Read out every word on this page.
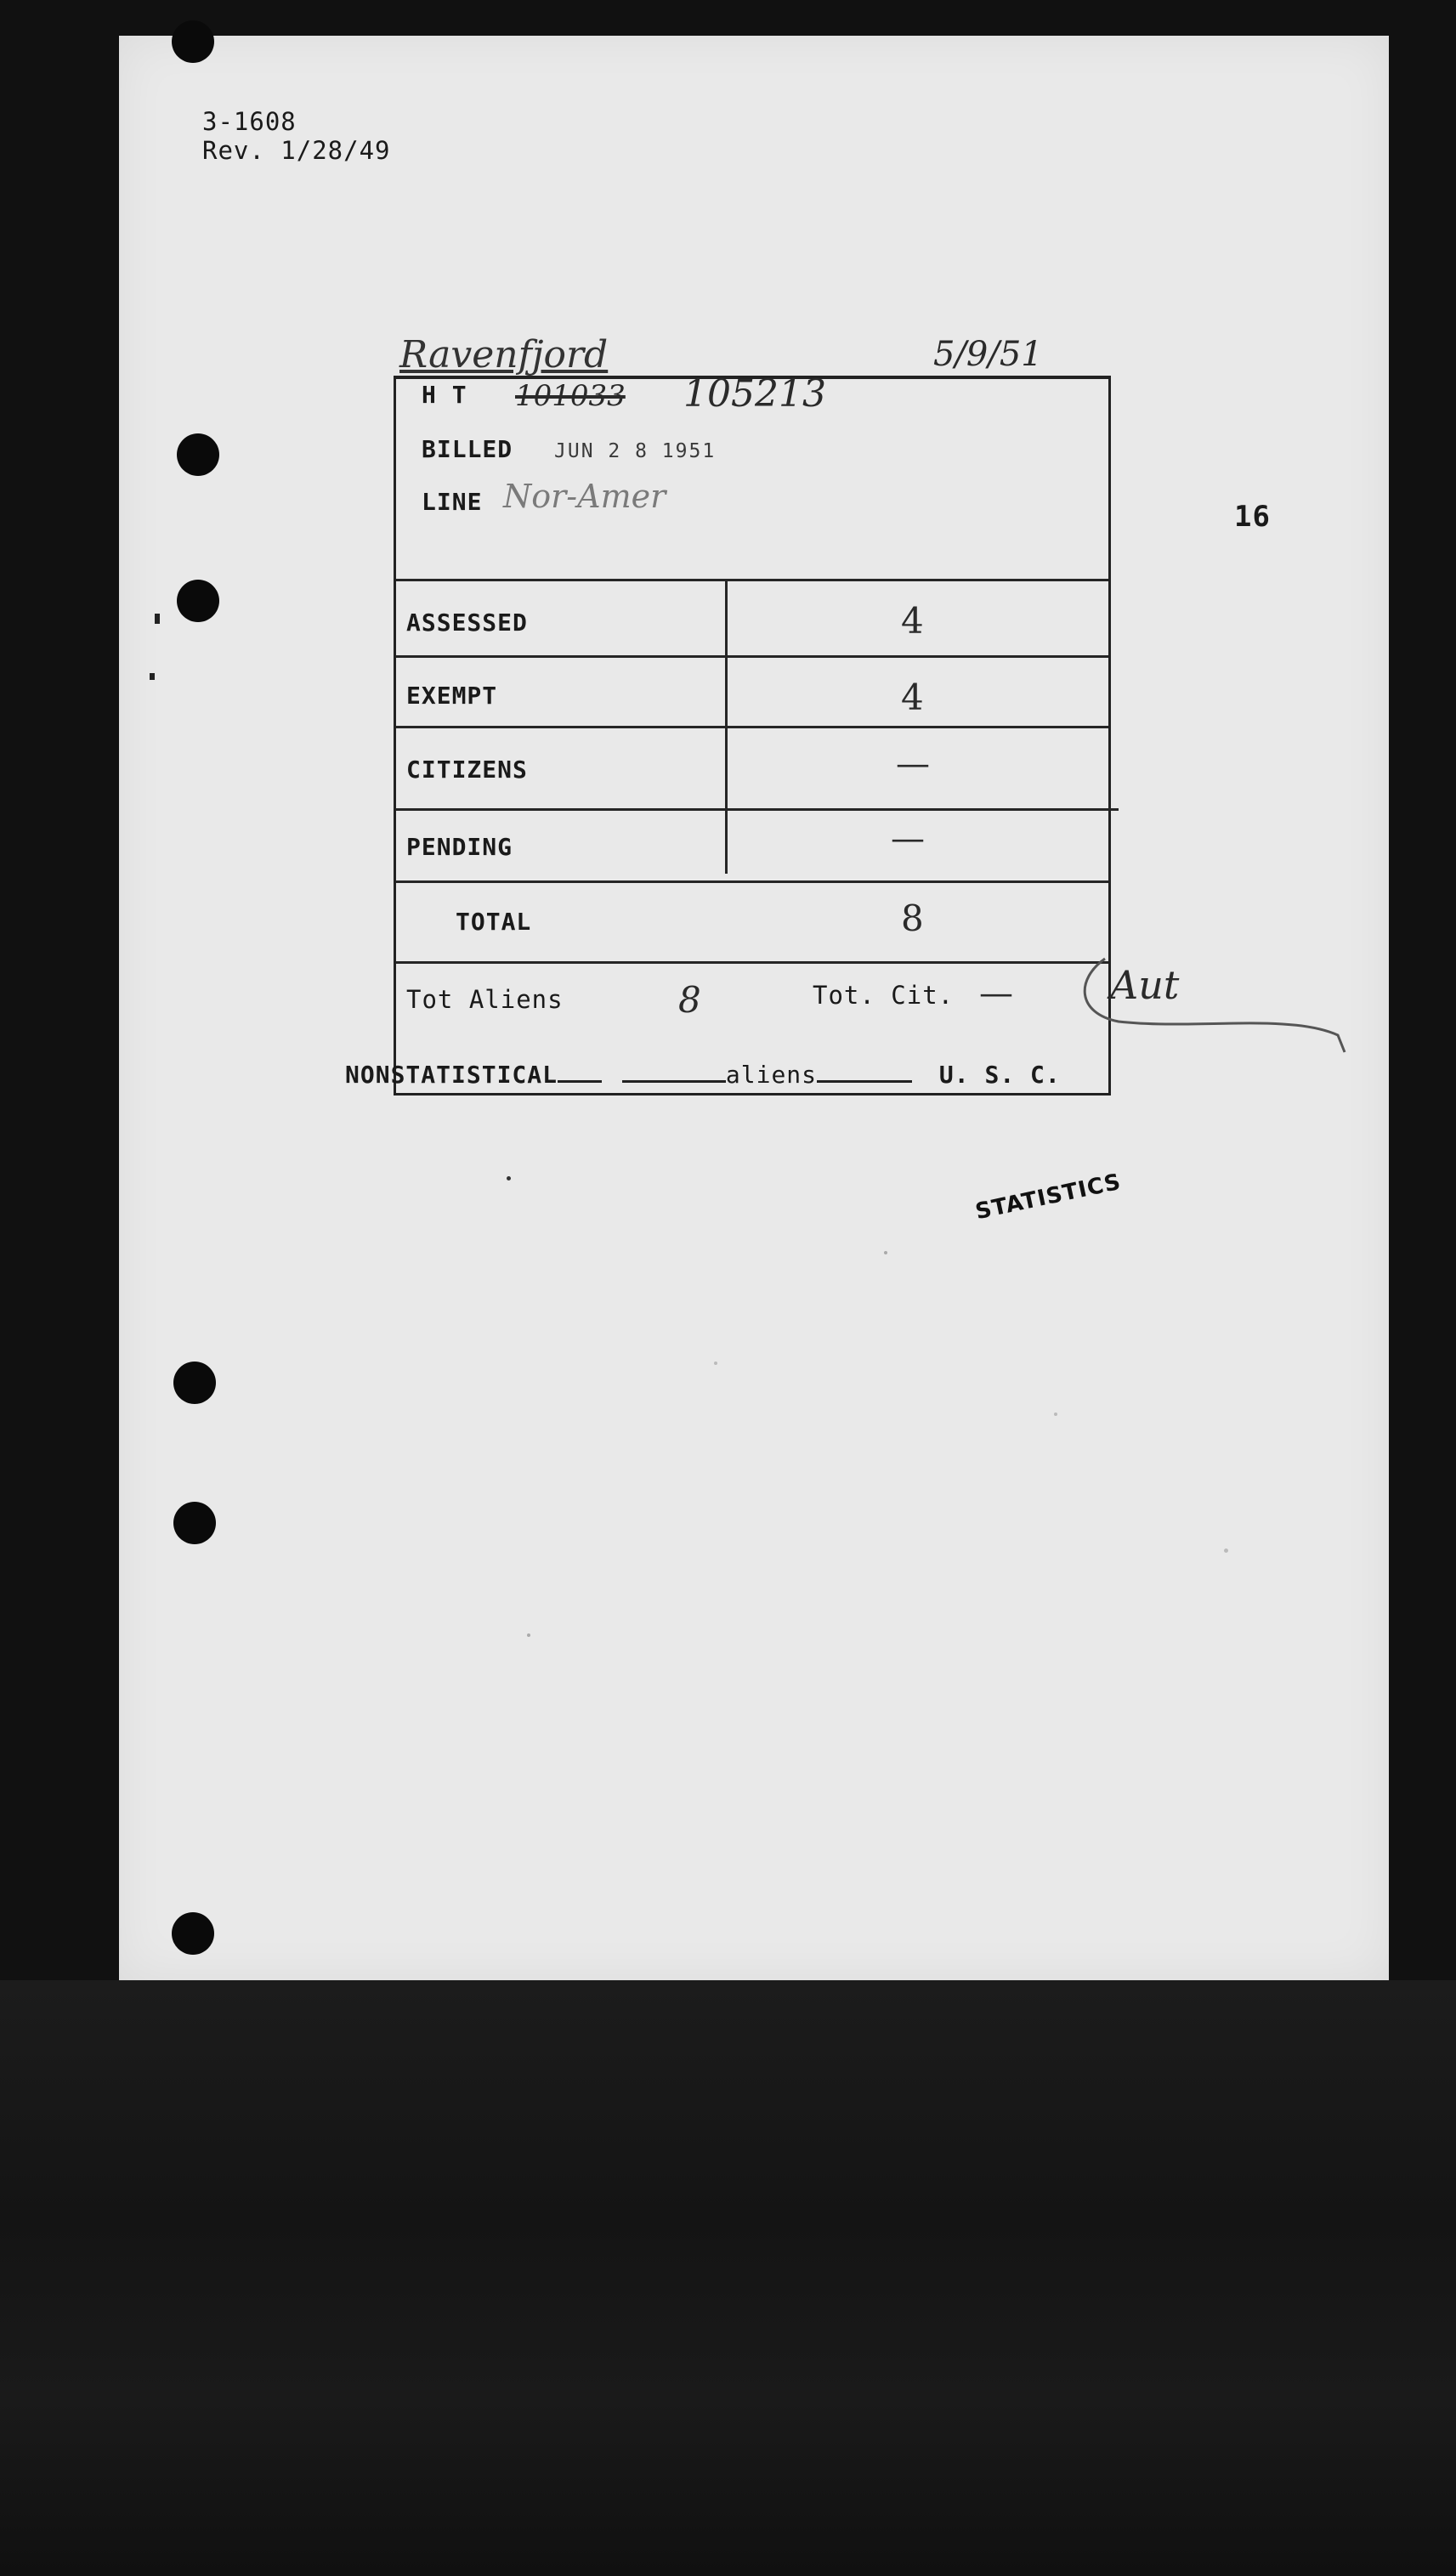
3-1608
Rev. 1/28/49
16
Ravenfjord	5/9/51
H T 101033 105213
BILLED JUN 2 8 1951
LINE Nor-Amer
ASSESSED	4
EXEMPT	4
CITIZENS	—
PENDING	—
TOTAL	8
Tot Aliens	8	Tot. Cit. — Aut
NONSTATISTICAL	aliens	U. S. C.
STATISTICS
